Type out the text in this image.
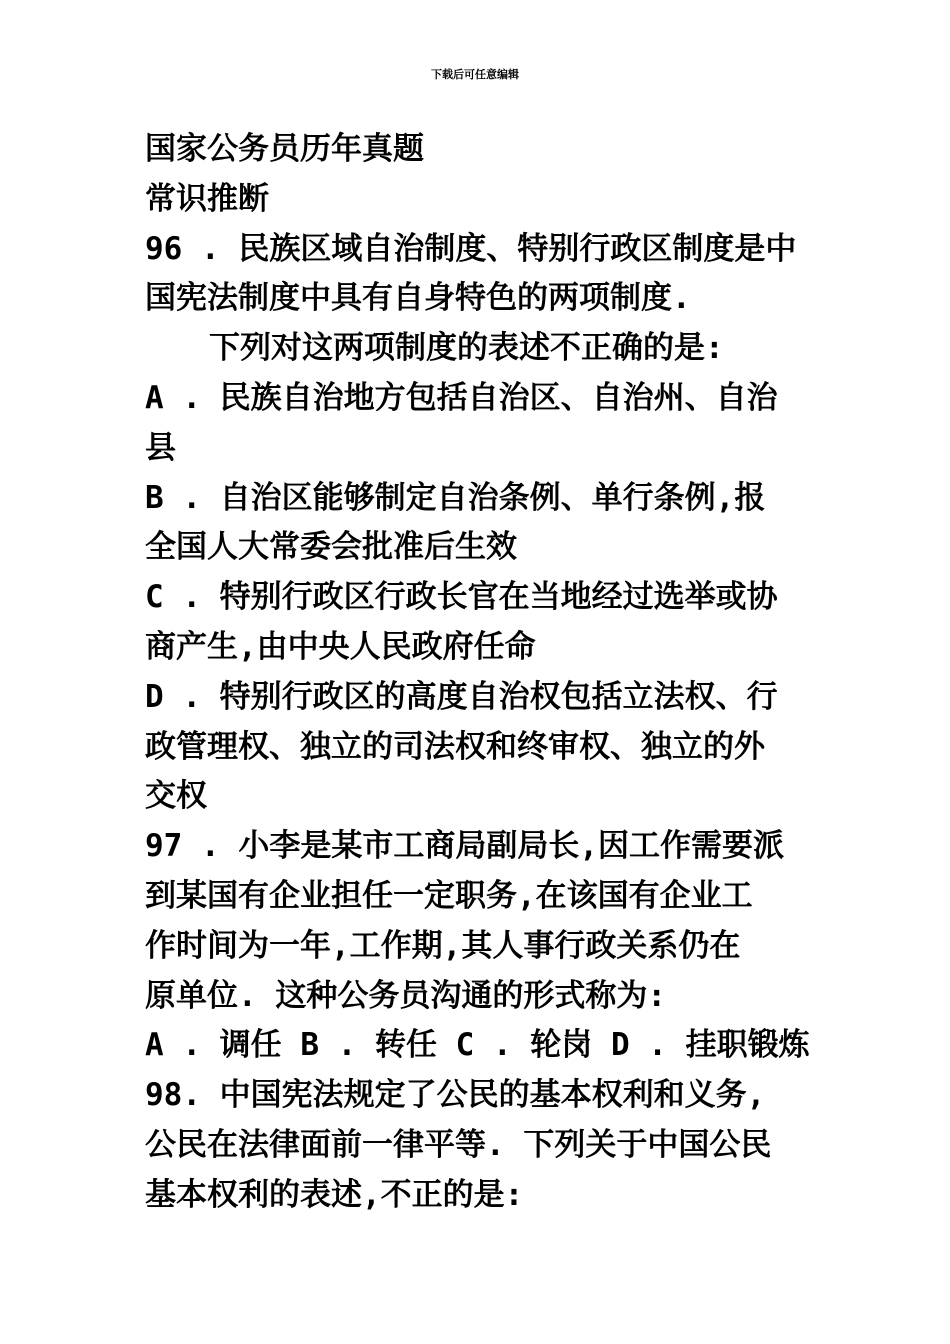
下载后可任意编辑
国家公务员历年真题
常识推断
96 . 民族区域自治制度、特别行政区制度是中
国宪法制度中具有自身特色的两项制度.
下列对这两项制度的表述不正确的是:
A . 民族自治地方包括自治区、自治州、自治
县
B . 自治区能够制定自治条例、单行条例,报
全国人大常委会批准后生效
C . 特别行政区行政长官在当地经过选举或协
商产生,由中央人民政府任命
D . 特别行政区的高度自治权包括立法权、行
政管理权、独立的司法权和终审权、独立的外
交权
97 . 小李是某市工商局副局长,因工作需要派
到某国有企业担任一定职务,在该国有企业工
作时间为一年,工作期,其人事行政关系仍在
原单位. 这种公务员沟通的形式称为:
A . 调任 B . 转任 C . 轮岗 D . 挂职锻炼
98. 中国宪法规定了公民的基本权利和义务,
公民在法律面前一律平等. 下列关于中国公民
基本权利的表述,不正的是:
